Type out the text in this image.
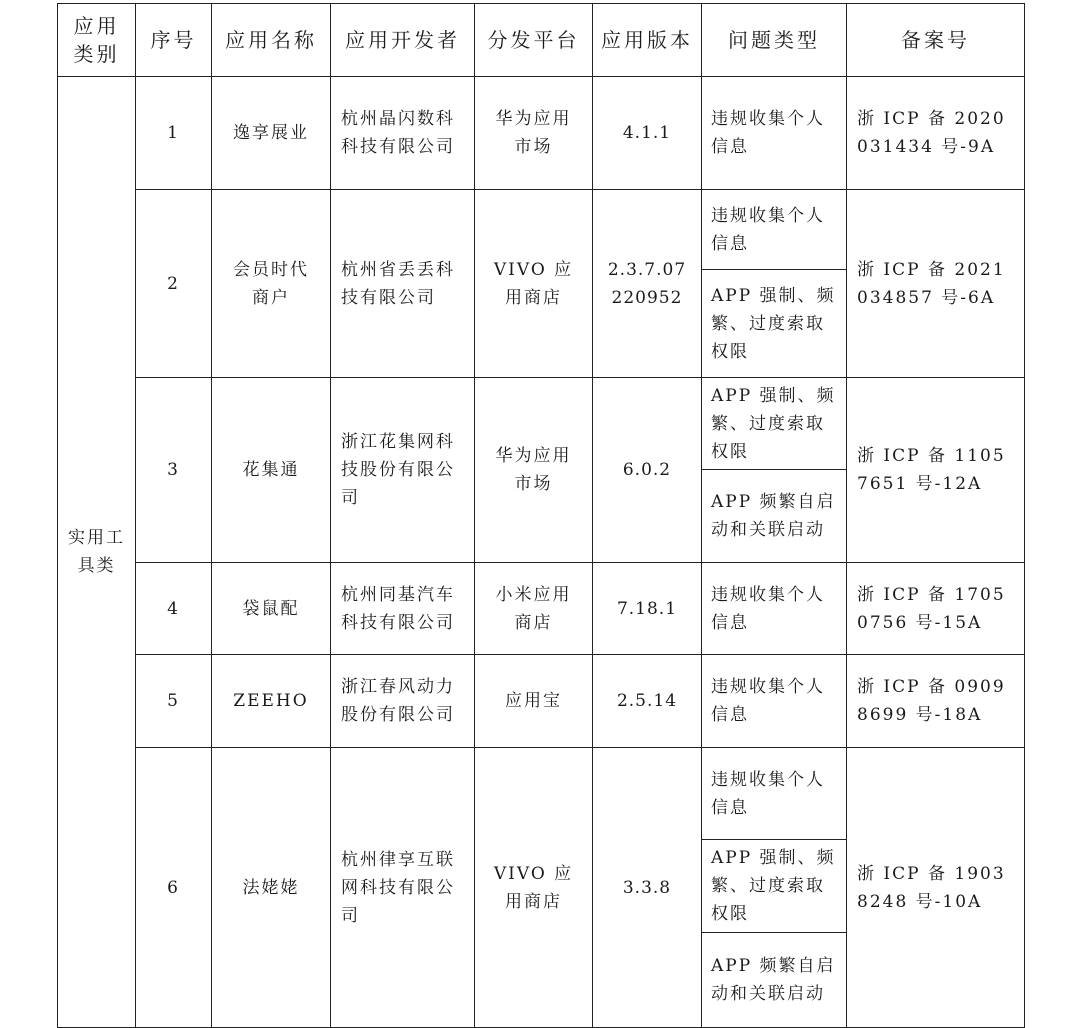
应用类别	序号	应用名称	应用开发者	分发平台	应用版本	问题类型	备案号

实用工具类	1	逸享展业	杭州晶闪数科科技有限公司	华为应用市场	4.1.1	违规收集个人信息	浙 ICP 备 2020031434 号-9A

	2	会员时代商户	杭州省丢丢科技有限公司	VIVO 应用商店	2.3.7.07220952	违规收集个人信息	浙 ICP 备 2021034857 号-6A

						APP 强制、频繁、过度索取权限	

	3	花集通	浙江花集网科技股份有限公司	华为应用市场	6.0.2	APP 强制、频繁、过度索取权限	浙 ICP 备 11057651 号-12A

						APP 频繁自启动和关联启动	

	4	袋鼠配	杭州同基汽车科技有限公司	小米应用商店	7.18.1	违规收集个人信息	浙 ICP 备 17050756 号-15A

	5	ZEEHO	浙江春风动力股份有限公司	应用宝	2.5.14	违规收集个人信息	浙 ICP 备 09098699 号-18A

	6	法姥姥	杭州律享互联网科技有限公司	VIVO 应用商店	3.3.8	违规收集个人信息	浙 ICP 备 19038248 号-10A

						APP 强制、频繁、过度索取权限	

						APP 频繁自启动和关联启动	
